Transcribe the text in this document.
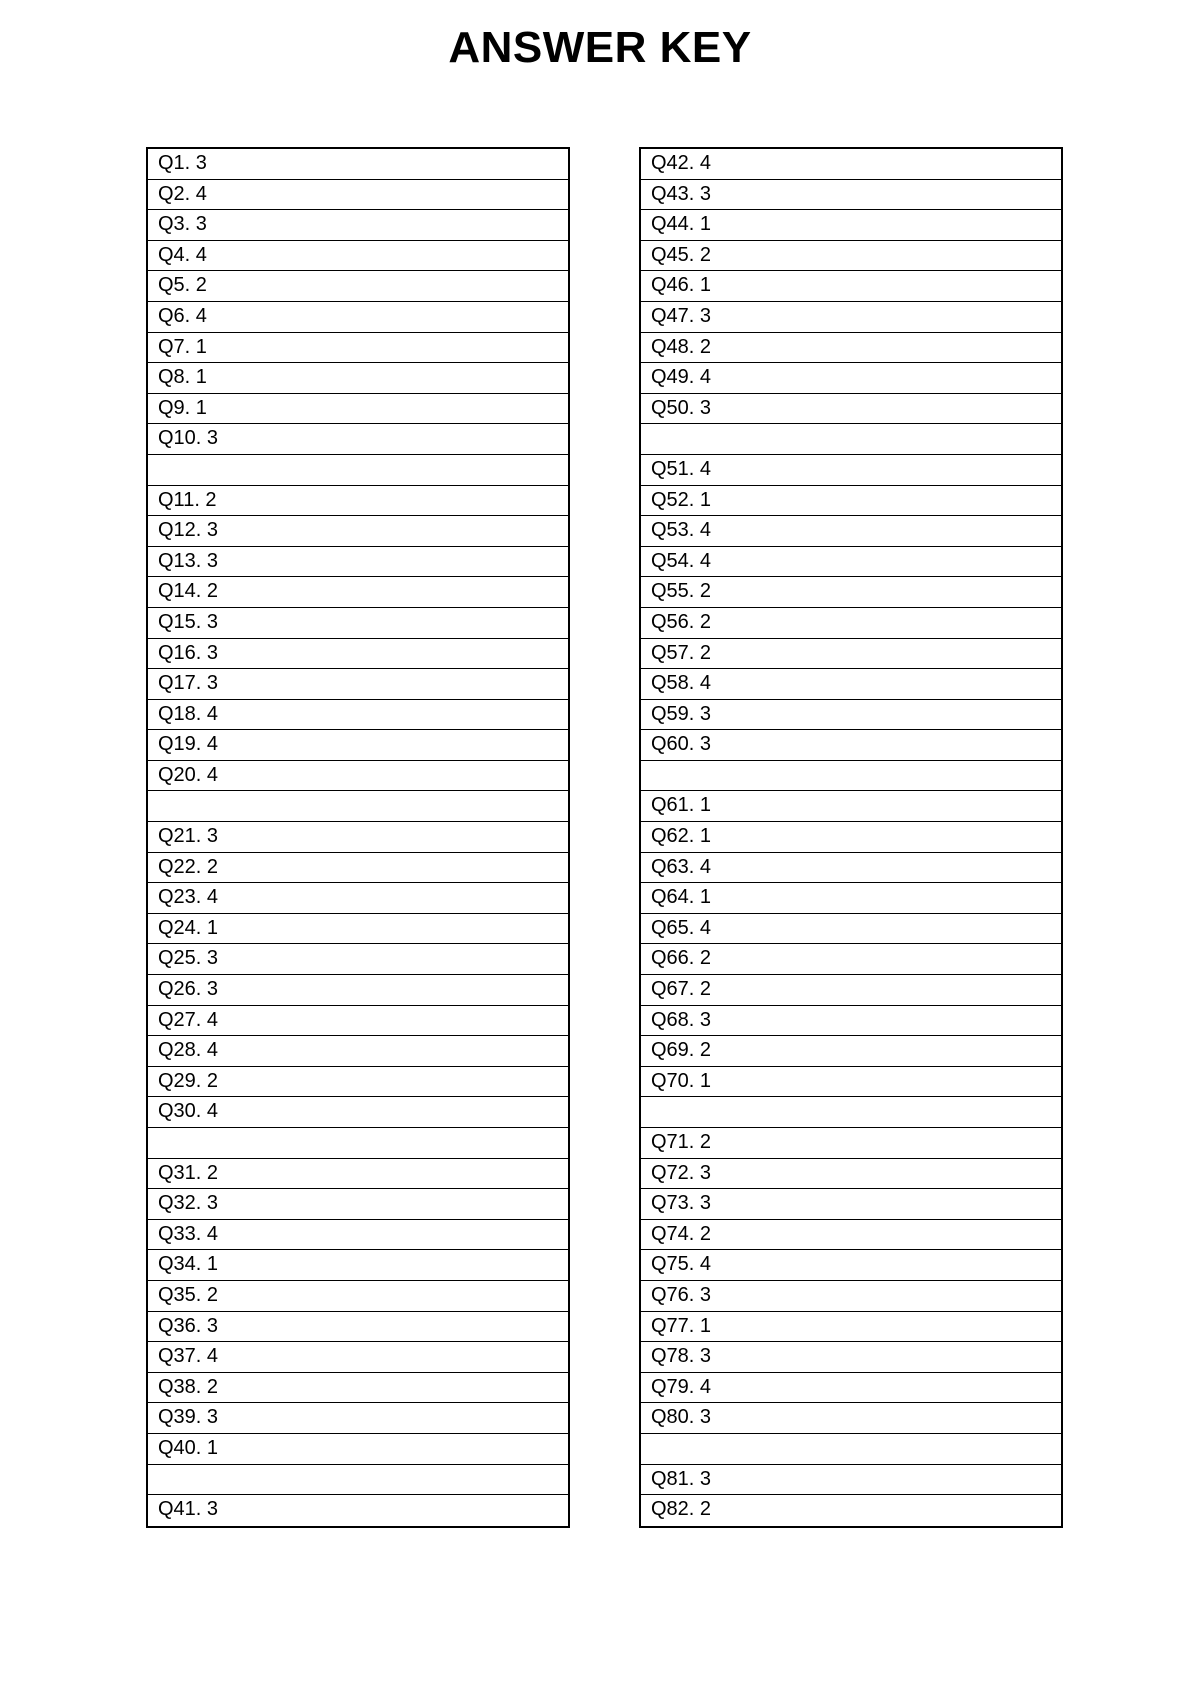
ANSWER KEY
Q1. 3
Q2. 4
Q3. 3
Q4. 4
Q5. 2
Q6. 4
Q7. 1
Q8. 1
Q9. 1
Q10. 3
Q11. 2
Q12. 3
Q13. 3
Q14. 2
Q15. 3
Q16. 3
Q17. 3
Q18. 4
Q19. 4
Q20. 4
Q21. 3
Q22. 2
Q23. 4
Q24. 1
Q25. 3
Q26. 3
Q27. 4
Q28. 4
Q29. 2
Q30. 4
Q31. 2
Q32. 3
Q33. 4
Q34. 1
Q35. 2
Q36. 3
Q37. 4
Q38. 2
Q39. 3
Q40. 1
Q41. 3
Q42. 4
Q43. 3
Q44. 1
Q45. 2
Q46. 1
Q47. 3
Q48. 2
Q49. 4
Q50. 3
Q51. 4
Q52. 1
Q53. 4
Q54. 4
Q55. 2
Q56. 2
Q57. 2
Q58. 4
Q59. 3
Q60. 3
Q61. 1
Q62. 1
Q63. 4
Q64. 1
Q65. 4
Q66. 2
Q67. 2
Q68. 3
Q69. 2
Q70. 1
Q71. 2
Q72. 3
Q73. 3
Q74. 2
Q75. 4
Q76. 3
Q77. 1
Q78. 3
Q79. 4
Q80. 3
Q81. 3
Q82. 2
